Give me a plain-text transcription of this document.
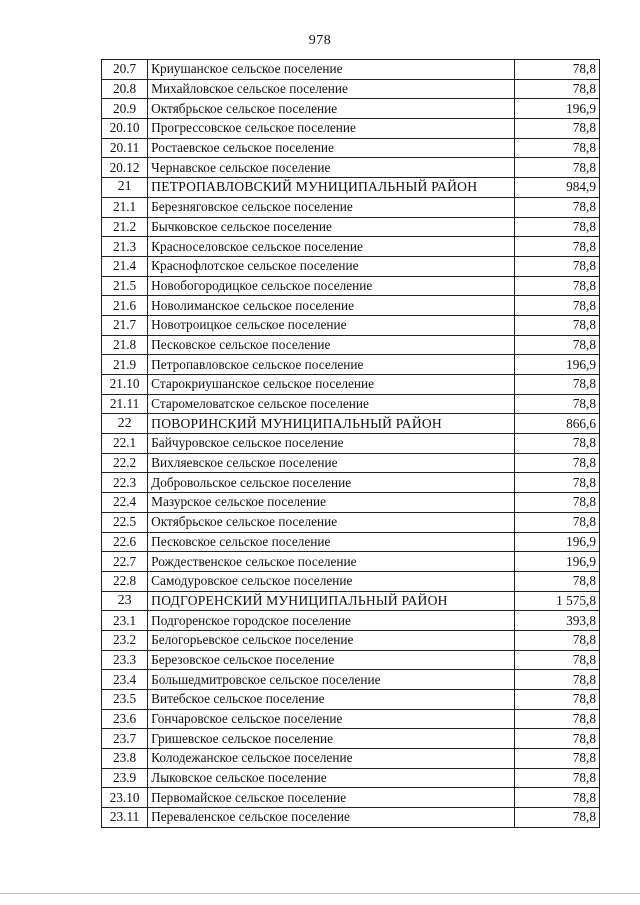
978
20.7	Криушанское сельское поселение	78,8
20.8	Михайловское сельское поселение	78,8
20.9	Октябрьское сельское поселение	196,9
20.10	Прогрессовское сельское поселение	78,8
20.11	Ростаевское сельское поселение	78,8
20.12	Чернавское сельское поселение	78,8
21	ПЕТРОПАВЛОВСКИЙ МУНИЦИПАЛЬНЫЙ РАЙОН	984,9
21.1	Березняговское сельское поселение	78,8
21.2	Бычковское сельское поселение	78,8
21.3	Красноселовское сельское поселение	78,8
21.4	Краснофлотское сельское поселение	78,8
21.5	Новобогородицкое сельское поселение	78,8
21.6	Новолиманское сельское поселение	78,8
21.7	Новотроицкое сельское поселение	78,8
21.8	Песковское сельское поселение	78,8
21.9	Петропавловское сельское поселение	196,9
21.10	Старокриушанское сельское поселение	78,8
21.11	Старомеловатское сельское поселение	78,8
22	ПОВОРИНСКИЙ МУНИЦИПАЛЬНЫЙ РАЙОН	866,6
22.1	Байчуровское сельское поселение	78,8
22.2	Вихляевское сельское поселение	78,8
22.3	Добровольское сельское поселение	78,8
22.4	Мазурское сельское поселение	78,8
22.5	Октябрьское сельское поселение	78,8
22.6	Песковское сельское поселение	196,9
22.7	Рождественское сельское поселение	196,9
22.8	Самодуровское сельское поселение	78,8
23	ПОДГОРЕНСКИЙ МУНИЦИПАЛЬНЫЙ РАЙОН	1 575,8
23.1	Подгоренское городское поселение	393,8
23.2	Белогорьевское сельское поселение	78,8
23.3	Березовское сельское поселение	78,8
23.4	Большедмитровское сельское поселение	78,8
23.5	Витебское сельское поселение	78,8
23.6	Гончаровское сельское поселение	78,8
23.7	Гришевское сельское поселение	78,8
23.8	Колодежанское сельское поселение	78,8
23.9	Лыковское сельское поселение	78,8
23.10	Первомайское сельское поселение	78,8
23.11	Переваленское сельское поселение	78,8
